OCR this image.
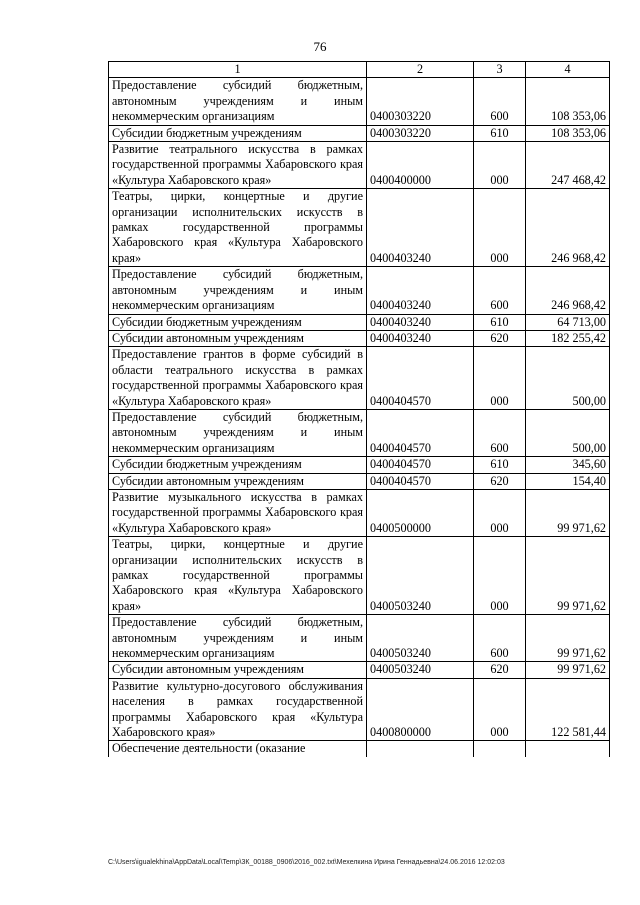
76
1	2	3	4
Предоставление субсидий бюджетным, автономным учреждениям и иным некоммерческим организациям	0400303220	600	108 353,06
Субсидии бюджетным учреждениям	0400303220	610	108 353,06
Развитие театрального искусства в рамках государственной программы Хабаровского края «Культура Хабаровского края»	0400400000	000	247 468,42
Театры, цирки, концертные и другие организации исполнительских искусств в рамках государственной программы Хабаровского края «Культура Хабаровского края»	0400403240	000	246 968,42
Предоставление субсидий бюджетным, автономным учреждениям и иным некоммерческим организациям	0400403240	600	246 968,42
Субсидии бюджетным учреждениям	0400403240	610	64 713,00
Субсидии автономным учреждениям	0400403240	620	182 255,42
Предоставление грантов в форме субсидий в области театрального искусства в рамках государственной программы Хабаровского края «Культура Хабаровского края»	0400404570	000	500,00
Предоставление субсидий бюджетным, автономным учреждениям и иным некоммерческим организациям	0400404570	600	500,00
Субсидии бюджетным учреждениям	0400404570	610	345,60
Субсидии автономным учреждениям	0400404570	620	154,40
Развитие музыкального искусства в рамках государственной программы Хабаровского края «Культура Хабаровского края»	0400500000	000	99 971,62
Театры, цирки, концертные и другие организации исполнительских искусств в рамках государственной программы Хабаровского края «Культура Хабаровского края»	0400503240	000	99 971,62
Предоставление субсидий бюджетным, автономным учреждениям и иным некоммерческим организациям	0400503240	600	99 971,62
Субсидии автономным учреждениям	0400503240	620	99 971,62
Развитие культурно-досугового обслуживания населения в рамках государственной программы Хабаровского края «Культура Хабаровского края»	0400800000	000	122 581,44
Обеспечение деятельности (оказание			
C:\Users\igualekhina\AppData\Local\Temp\3К_00188_0906\2016_002.txt\Мехелкина Ирина Геннадьевна\24.06.2016 12:02:03
